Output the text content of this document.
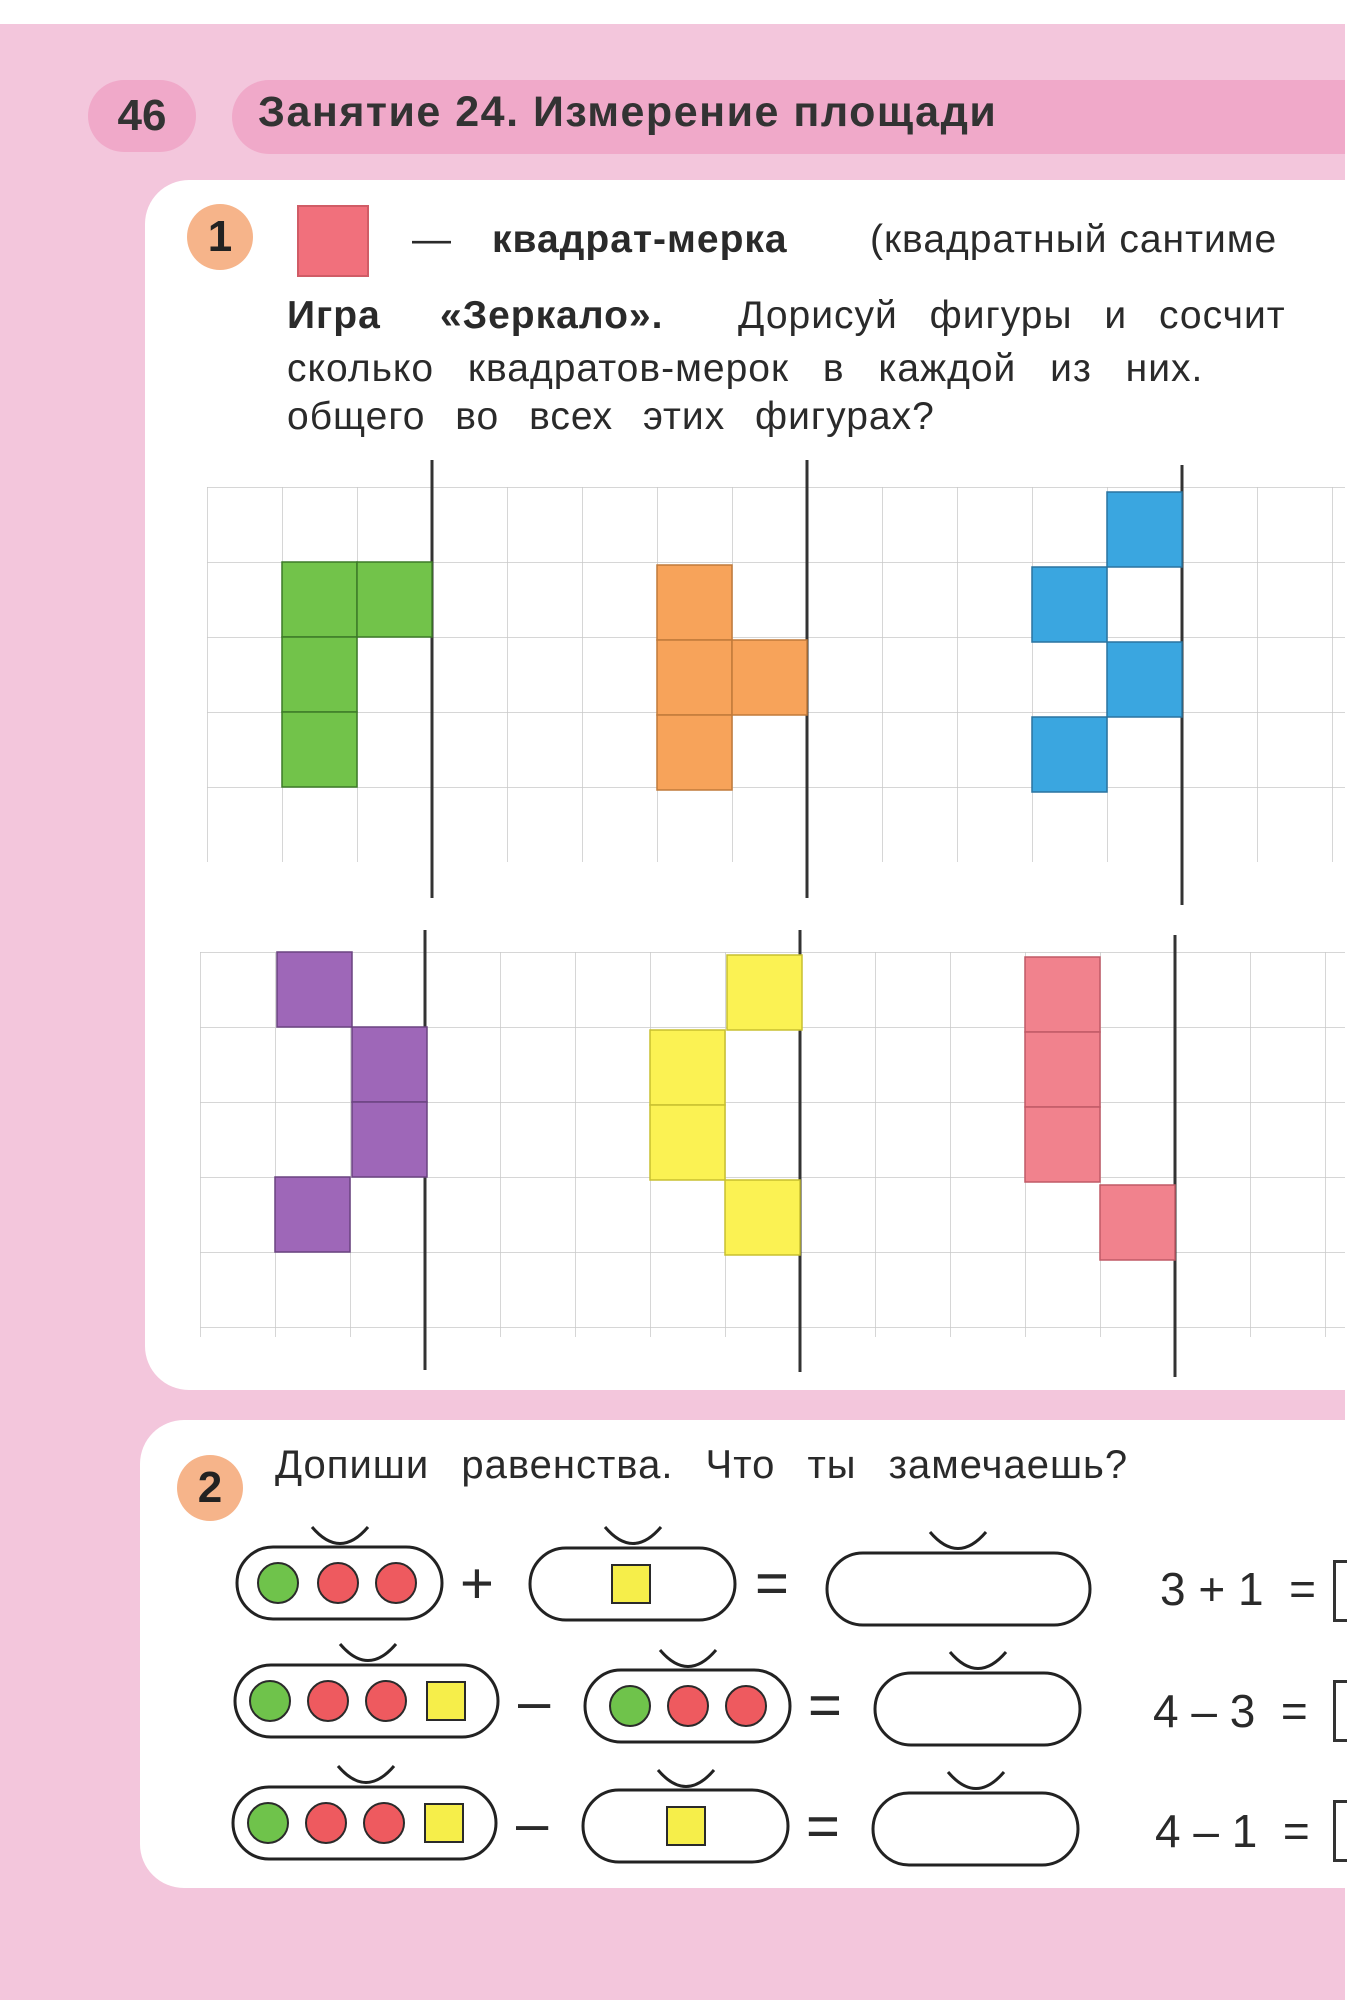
46	Занятие 24. Измерение площади
1	— квадрат-мерка (квадратный сантиме
Игра «Зеркало». Дорисуй фигуры и сосчит
сколько квадратов-мерок в каждой из них.
общего во всех этих фигурах?
2	Допиши равенства. Что ты замечаешь?
+	=
–	=
–	=
3 + 1  =
4 – 3  =
4 – 1  =
